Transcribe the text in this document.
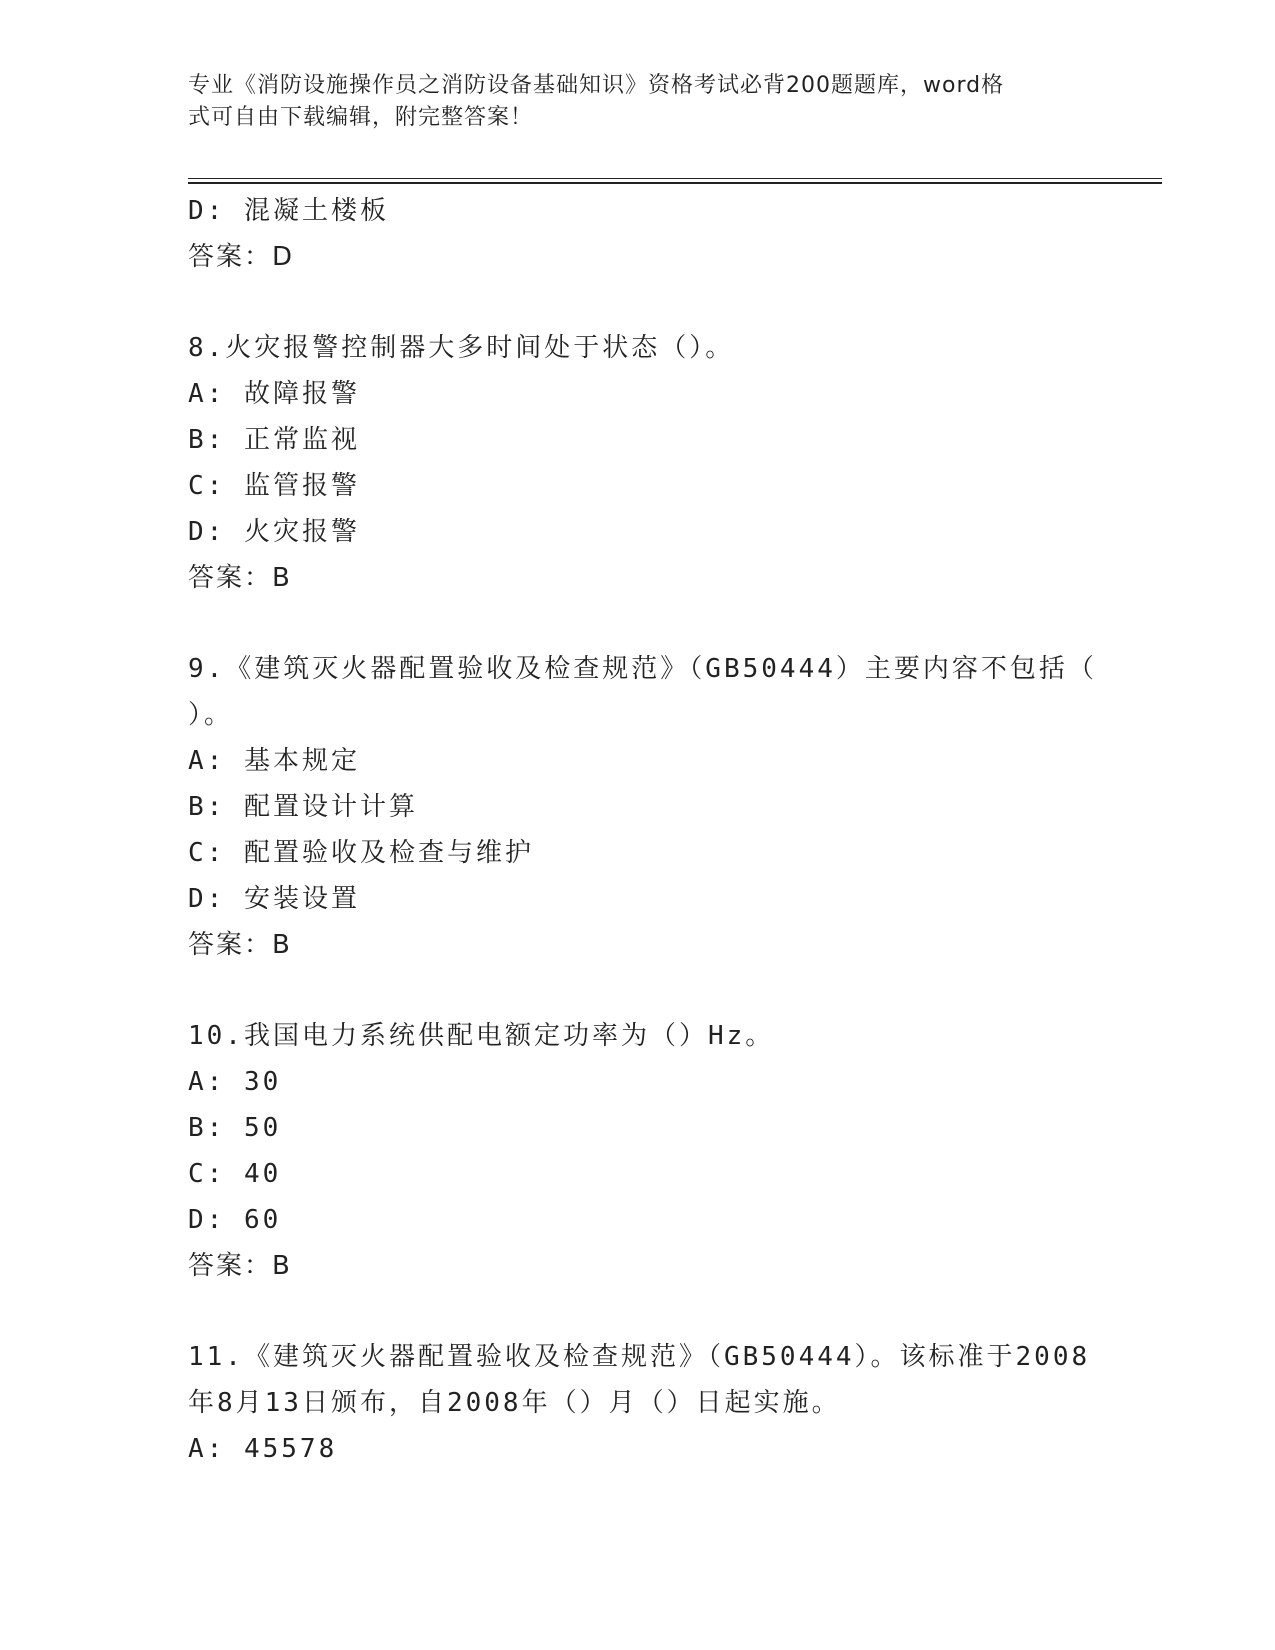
专业《消防设施操作员之消防设备基础知识》资格考试必背200题题库，word格
式可自由下载编辑，附完整答案！
D: 混凝土楼板
答案：D
8.火灾报警控制器大多时间处于状态（）。
A: 故障报警
B: 正常监视
C: 监管报警
D: 火灾报警
答案：B
9.《建筑灭火器配置验收及检查规范》（GB50444）主要内容不包括（
）。
A: 基本规定
B: 配置设计计算
C: 配置验收及检查与维护
D: 安装设置
答案：B
10.我国电力系统供配电额定功率为（）Hz。
A: 30
B: 50
C: 40
D: 60
答案：B
11.《建筑灭火器配置验收及检查规范》（GB50444）。该标准于2008
年8月13日颁布，自2008年（）月（）日起实施。
A: 45578
